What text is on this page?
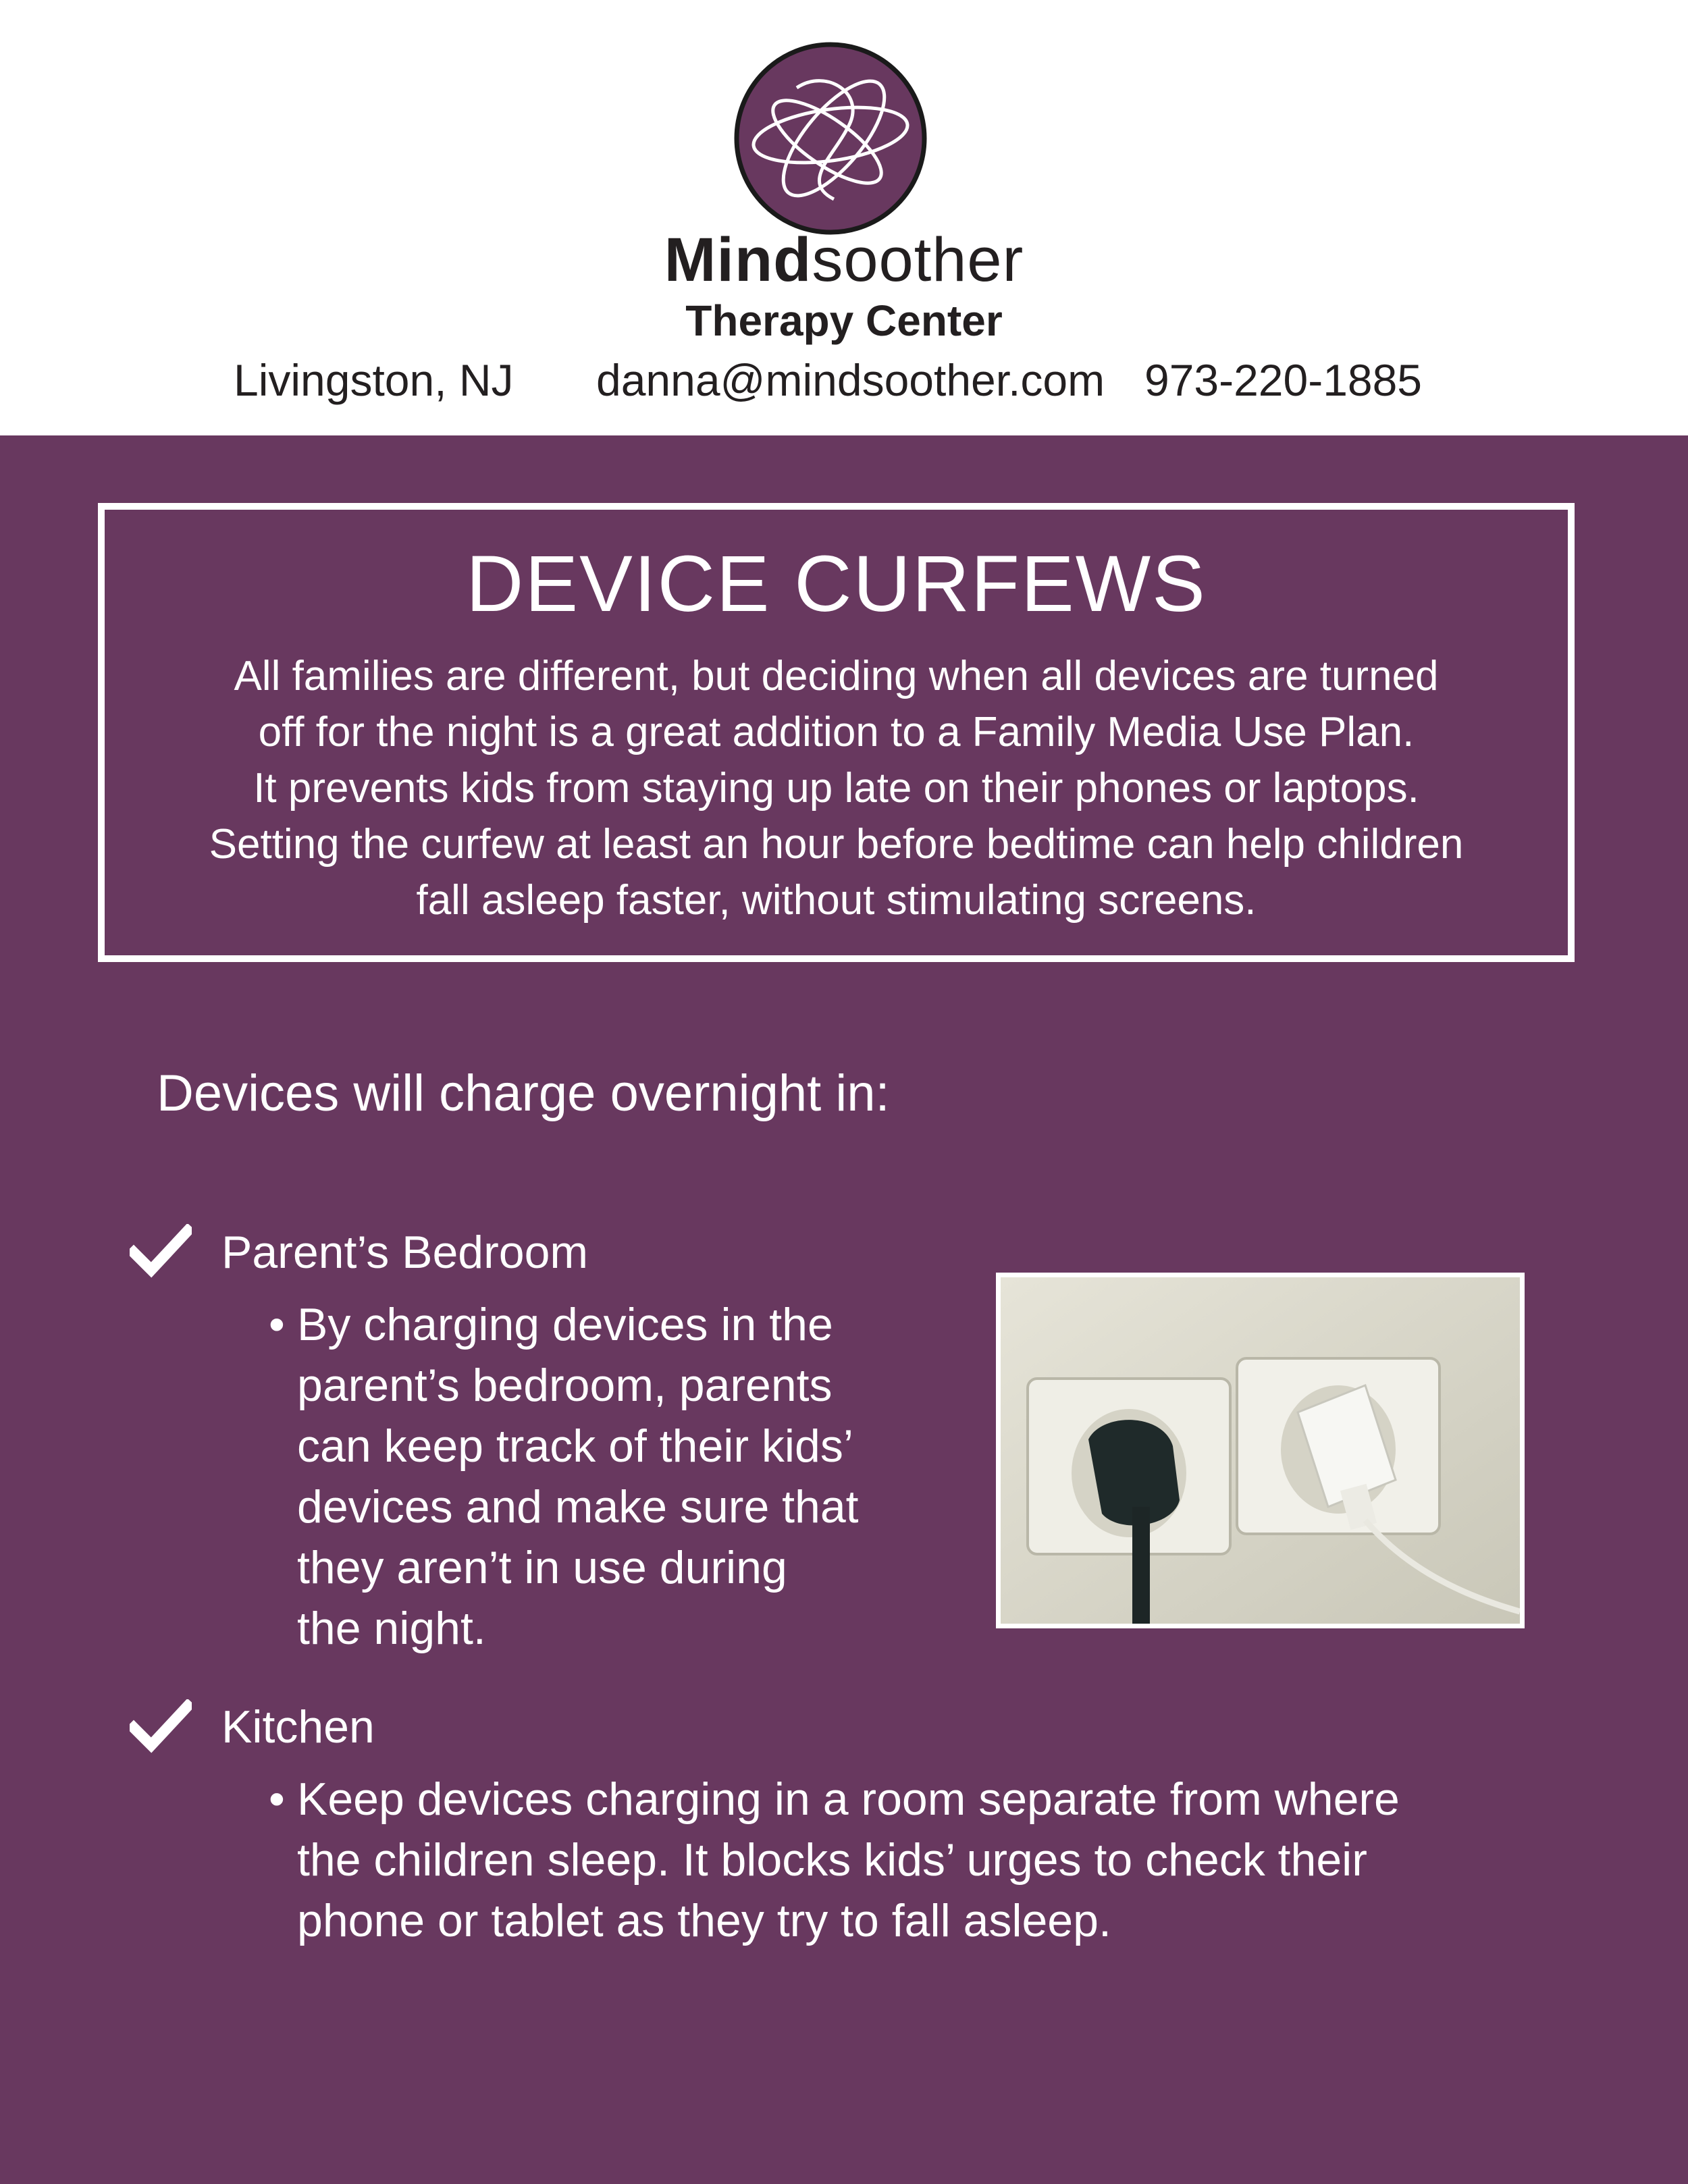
Mindsoother
Therapy Center
Livingston, NJ danna@mindsoother.com 973-220-1885
DEVICE CURFEWS
All families are different, but deciding when all devices are turned
off for the night is a great addition to a Family Media Use Plan.
It prevents kids from staying up late on their phones or laptops.
Setting the curfew at least an hour before bedtime can help children
fall asleep faster, without stimulating screens.
Devices will charge overnight in:
Parent’s Bedroom
• By charging devices in the
parent’s bedroom, parents
can keep track of their kids’
devices and make sure that
they aren’t in use during
the night.
Kitchen
• Keep devices charging in a room separate from where
the children sleep. It blocks kids’ urges to check their
phone or tablet as they try to fall asleep.
